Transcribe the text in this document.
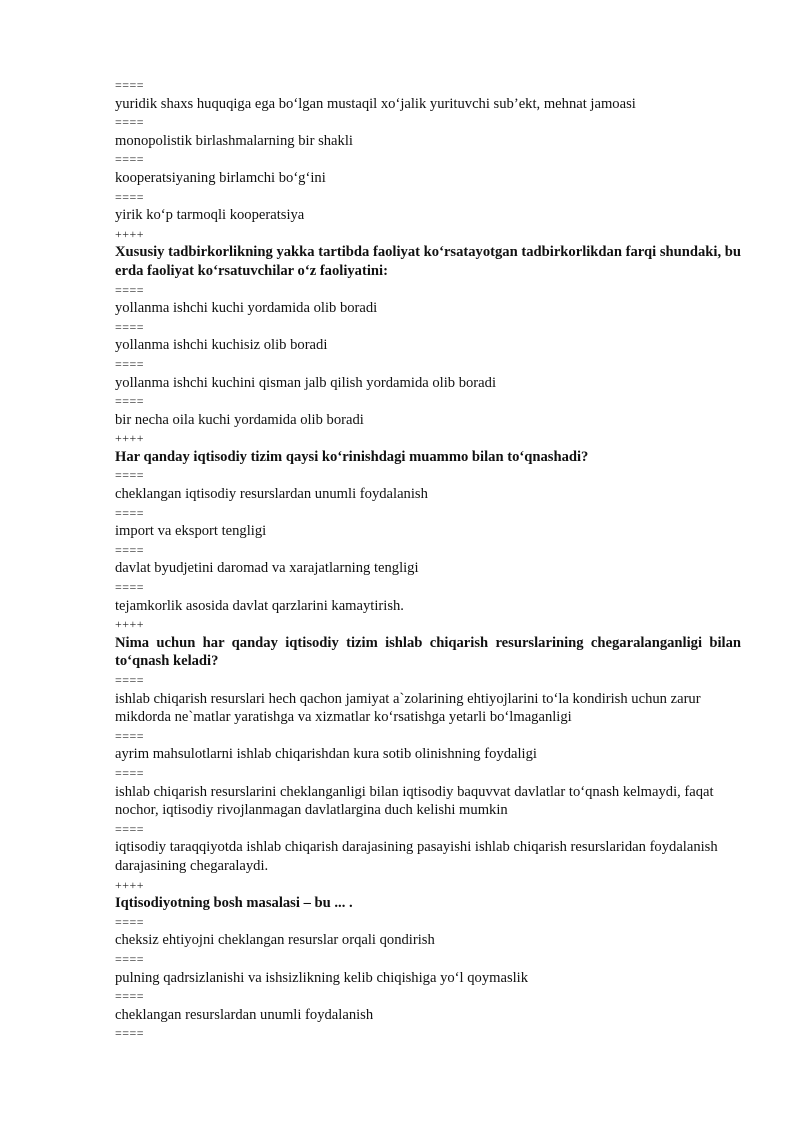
====
yuridik shaxs huquqiga ega bo‘lgan mustaqil xo‘jalik yurituvchi sub’ekt, mehnat jamoasi
====
monopolistik birlashmalarning bir shakli
====
kooperatsiyaning birlamchi bo‘g‘ini
====
yirik ko‘p tarmoqli kooperatsiya
++++
Xususiy tadbirkorlikning yakka tartibda faoliyat ko‘rsatayotgan tadbirkorlikdan farqi shundaki, bu erda faoliyat ko‘rsatuvchilar o‘z faoliyatini:
====
yollanma ishchi kuchi yordamida olib boradi
====
yollanma ishchi kuchisiz olib boradi
====
yollanma ishchi kuchini qisman jalb qilish yordamida olib boradi
====
bir necha oila kuchi yordamida olib boradi
++++
Har qanday iqtisodiy tizim qaysi ko‘rinishdagi muammo bilan to‘qnashadi?
====
cheklangan iqtisodiy resurslardan unumli foydalanish
====
import va eksport tengligi
====
davlat byudjetini daromad va xarajatlarning tengligi
====
tejamkorlik asosida davlat qarzlarini kamaytirish.
++++
Nima uchun har qanday iqtisodiy tizim ishlab chiqarish resurslarining chegaralanganligi bilan to‘qnash keladi?
====
ishlab chiqarish resurslari hech qachon jamiyat a`zolarining ehtiyojlarini to‘la kondirish uchun zarur mikdorda ne`matlar yaratishga va xizmatlar ko‘rsatishga yetarli bo‘lmaganligi
====
ayrim mahsulotlarni ishlab chiqarishdan kura sotib olinishning foydaligi
====
ishlab chiqarish resurslarini cheklanganligi bilan iqtisodiy baquvvat davlatlar to‘qnash kelmaydi, faqat nochor, iqtisodiy rivojlanmagan davlatlargina duch kelishi mumkin
====
iqtisodiy taraqqiyotda ishlab chiqarish darajasining pasayishi ishlab chiqarish resurslaridan foydalanish darajasining chegaralaydi.
++++
Iqtisodiyotning bosh masalasi – bu ... .
====
cheksiz ehtiyojni cheklangan resurslar orqali qondirish
====
pulning qadrsizlanishi va ishsizlikning kelib chiqishiga yo‘l qoymaslik
====
cheklangan resurslardan unumli foydalanish
====
